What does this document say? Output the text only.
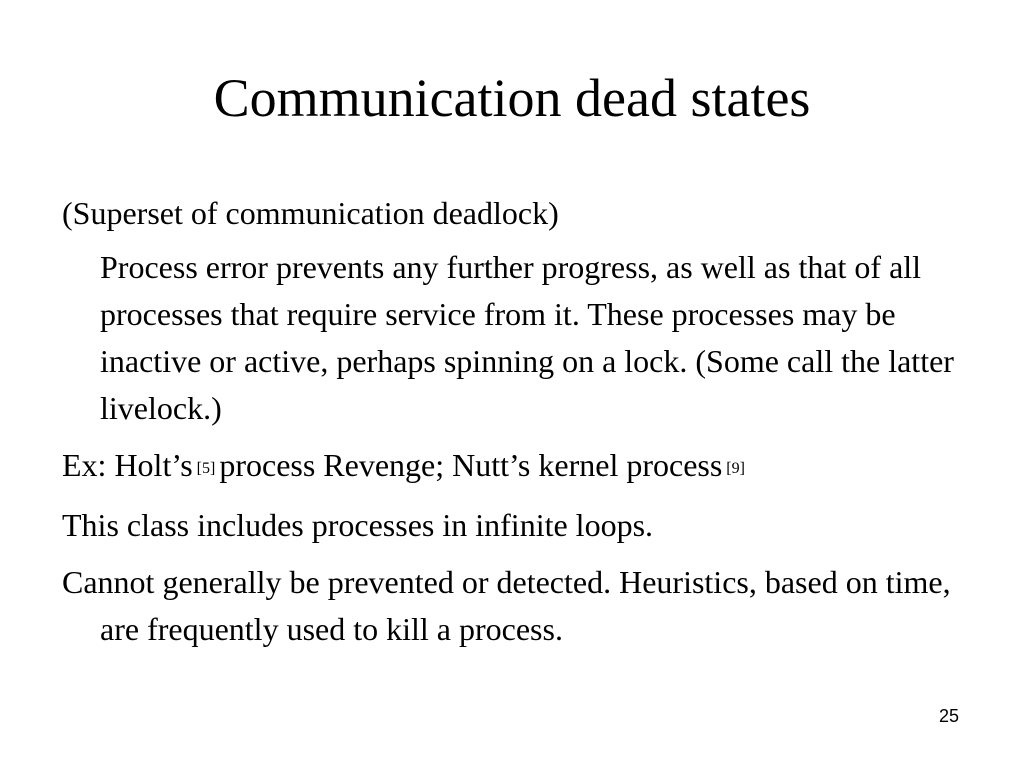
Communication dead states

(Superset of communication deadlock)

Process error prevents any further progress, as well as that of all processes that require service from it. These processes may be inactive or active, perhaps spinning on a lock. (Some call the latter livelock.)

Ex: Holt’s [5] process Revenge; Nutt’s kernel process [9]

This class includes processes in infinite loops.

Cannot generally be prevented or detected. Heuristics, based on time, are frequently used to kill a process.

25
